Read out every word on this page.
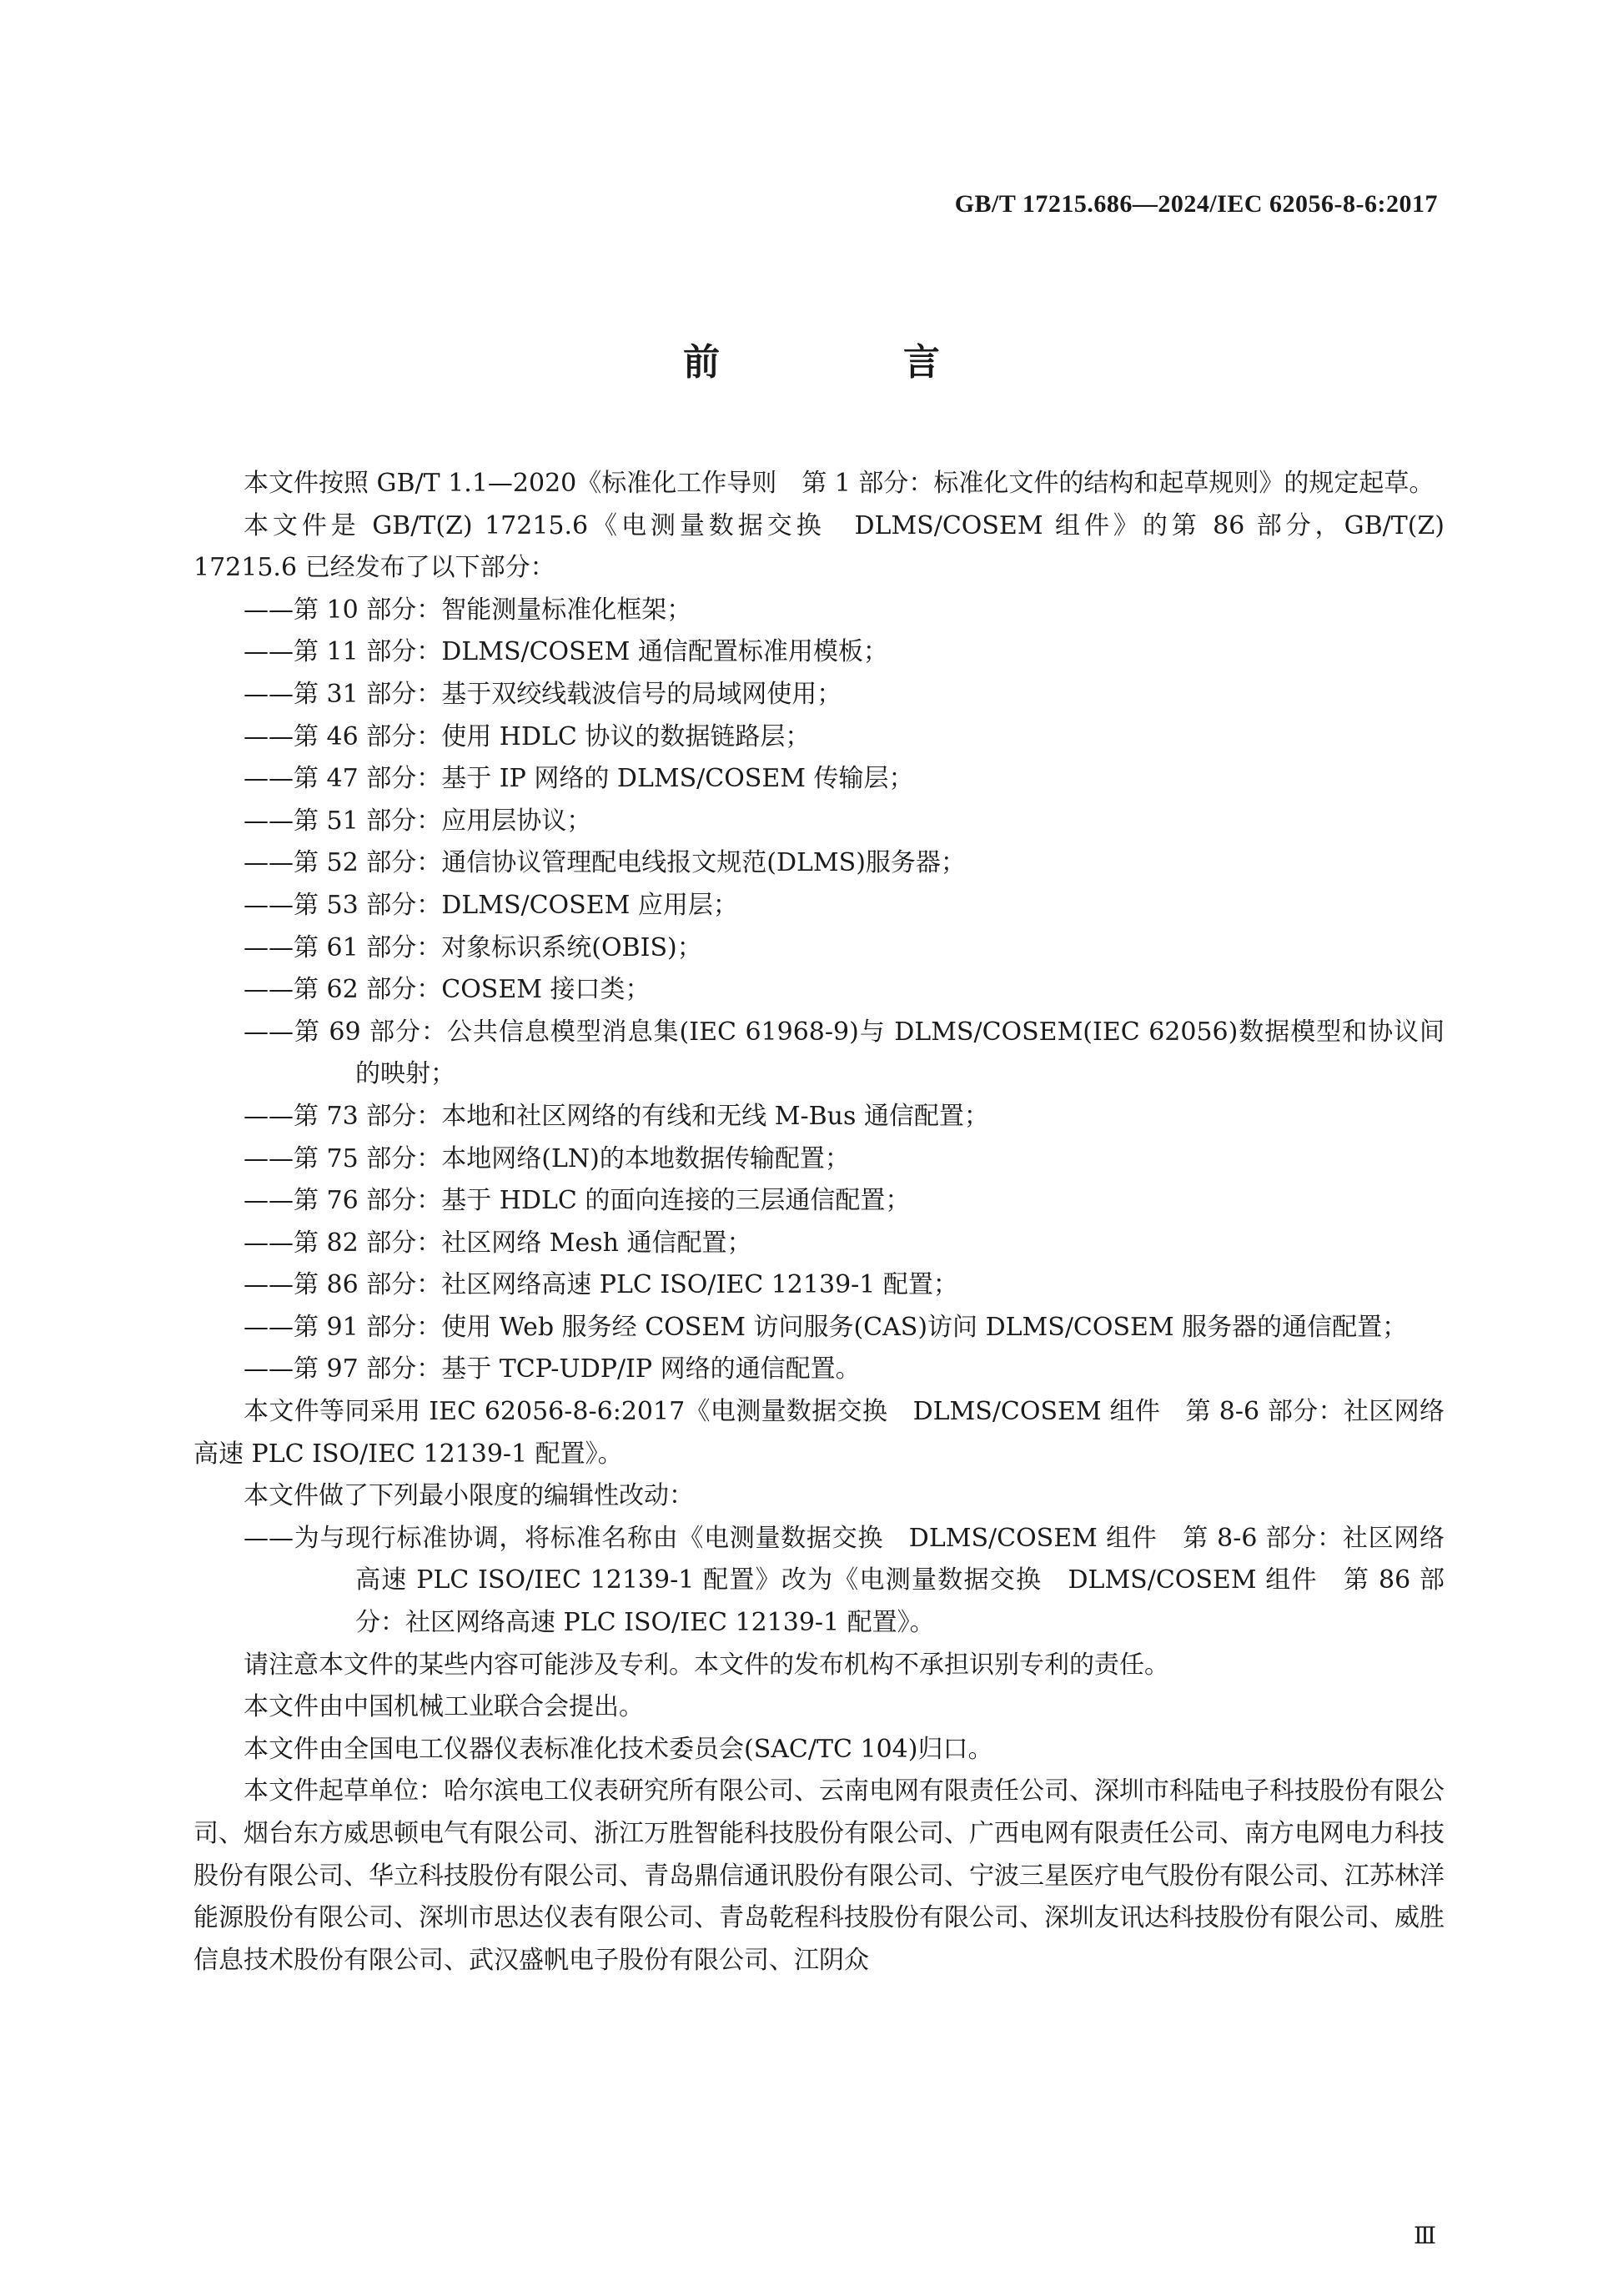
GB/T 17215.686—2024/IEC 62056-8-6:2017
前　言

本文件按照 GB/T 1.1—2020《标准化工作导则　第 1 部分：标准化文件的结构和起草规则》的规定起草。

本文件是 GB/T(Z) 17215.6《电测量数据交换　DLMS/COSEM 组件》的第 86 部分，GB/T(Z) 17215.6 已经发布了以下部分：

——第 10 部分：智能测量标准化框架；

——第 11 部分：DLMS/COSEM 通信配置标准用模板；

——第 31 部分：基于双绞线载波信号的局域网使用；

——第 46 部分：使用 HDLC 协议的数据链路层；

——第 47 部分：基于 IP 网络的 DLMS/COSEM 传输层；

——第 51 部分：应用层协议；

——第 52 部分：通信协议管理配电线报文规范(DLMS)服务器；

——第 53 部分：DLMS/COSEM 应用层；

——第 61 部分：对象标识系统(OBIS)；

——第 62 部分：COSEM 接口类；

——第 69 部分：公共信息模型消息集(IEC 61968-9)与 DLMS/COSEM(IEC 62056)数据模型和协议间的映射；

——第 73 部分：本地和社区网络的有线和无线 M-Bus 通信配置；

——第 75 部分：本地网络(LN)的本地数据传输配置；

——第 76 部分：基于 HDLC 的面向连接的三层通信配置；

——第 82 部分：社区网络 Mesh 通信配置；

——第 86 部分：社区网络高速 PLC ISO/IEC 12139-1 配置；

——第 91 部分：使用 Web 服务经 COSEM 访问服务(CAS)访问 DLMS/COSEM 服务器的通信配置；

——第 97 部分：基于 TCP-UDP/IP 网络的通信配置。

本文件等同采用 IEC 62056-8-6:2017《电测量数据交换　DLMS/COSEM 组件　第 8-6 部分：社区网络高速 PLC ISO/IEC 12139-1 配置》。

本文件做了下列最小限度的编辑性改动：

——为与现行标准协调，将标准名称由《电测量数据交换　DLMS/COSEM 组件　第 8-6 部分：社区网络高速 PLC ISO/IEC 12139-1 配置》改为《电测量数据交换　DLMS/COSEM 组件　第 86 部分：社区网络高速 PLC ISO/IEC 12139-1 配置》。

请注意本文件的某些内容可能涉及专利。本文件的发布机构不承担识别专利的责任。

本文件由中国机械工业联合会提出。

本文件由全国电工仪器仪表标准化技术委员会(SAC/TC 104)归口。

本文件起草单位：哈尔滨电工仪表研究所有限公司、云南电网有限责任公司、深圳市科陆电子科技股份有限公司、烟台东方威思顿电气有限公司、浙江万胜智能科技股份有限公司、广西电网有限责任公司、南方电网电力科技股份有限公司、华立科技股份有限公司、青岛鼎信通讯股份有限公司、宁波三星医疗电气股份有限公司、江苏林洋能源股份有限公司、深圳市思达仪表有限公司、青岛乾程科技股份有限公司、深圳友讯达科技股份有限公司、威胜信息技术股份有限公司、武汉盛帆电子股份有限公司、江阴众

Ⅲ
